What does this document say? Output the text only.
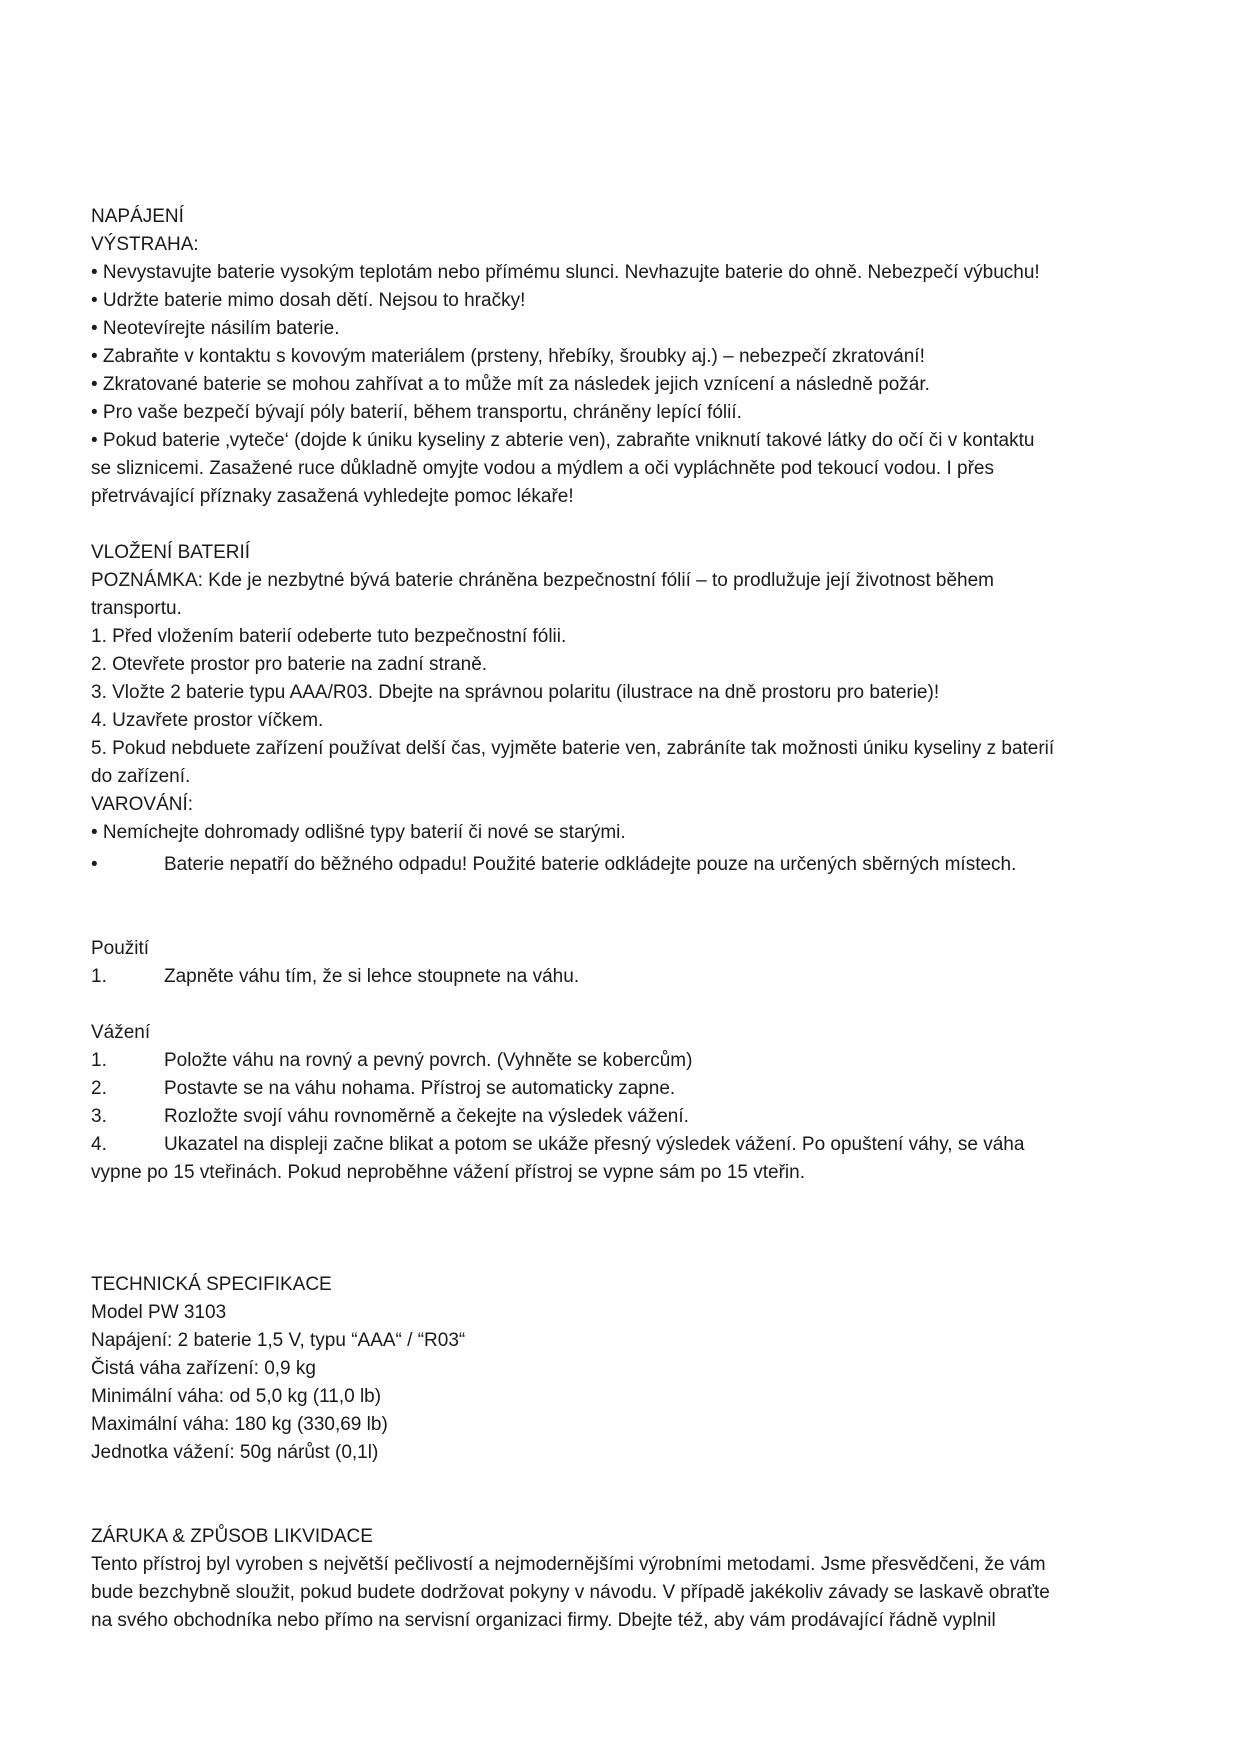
NAPÁJENÍ

VÝSTRAHA:

• Nevystavujte baterie vysokým teplotám nebo přímému slunci. Nevhazujte baterie do ohně. Nebezpečí výbuchu!

• Udržte baterie mimo dosah dětí. Nejsou to hračky!

• Neotevírejte násilím baterie.

• Zabraňte v kontaktu s kovovým materiálem (prsteny, hřebíky, šroubky aj.) – nebezpečí zkratování!

• Zkratované baterie se mohou zahřívat a to může mít za následek jejich vznícení a následně požár.

• Pro vaše bezpečí bývají póly baterií, během transportu, chráněny lepící fólií.

• Pokud baterie ‚vyteče‘ (dojde k úniku kyseliny z abterie ven), zabraňte vniknutí takové látky do očí či v kontaktu

se sliznicemi. Zasažené ruce důkladně omyjte vodou a mýdlem a oči vypláchněte pod tekoucí vodou. I přes

přetrvávající příznaky zasažená vyhledejte pomoc lékaře!

VLOŽENÍ BATERIÍ

POZNÁMKA: Kde je nezbytné bývá baterie chráněna bezpečnostní fólií – to prodlužuje její životnost během

transportu.

1. Před vložením baterií odeberte tuto bezpečnostní fólii.

2. Otevřete prostor pro baterie na zadní straně.

3. Vložte 2 baterie typu AAA/R03. Dbejte na správnou polaritu (ilustrace na dně prostoru pro baterie)!

4. Uzavřete prostor víčkem.

5. Pokud nebduete zařízení používat delší čas, vyjměte baterie ven, zabráníte tak možnosti úniku kyseliny z baterií

do zařízení.

VAROVÁNÍ:

• Nemíchejte dohromady odlišné typy baterií či nové se starými.

•	Baterie nepatří do běžného odpadu! Použité baterie odkládejte pouze na určených sběrných místech.

Použití

1.	Zapněte váhu tím, že si lehce stoupnete na váhu.

Vážení

1.	Položte váhu na rovný a pevný povrch. (Vyhněte se kobercům)
2.	Postavte se na váhu nohama. Přístroj se automaticky zapne.
3.	Rozložte svojí váhu rovnoměrně a čekejte na výsledek vážení.
4.	Ukazatel na displeji začne blikat a potom se ukáže přesný výsledek vážení. Po opuštení váhy, se váha

vypne po 15 vteřinách. Pokud neproběhne vážení přístroj se vypne sám po 15 vteřin.

TECHNICKÁ SPECIFIKACE

Model PW 3103

Napájení: 2 baterie 1,5 V, typu “AAA“ / “R03“

Čistá váha zařízení: 0,9 kg

Minimální váha: od 5,0 kg (11,0 lb)

Maximální váha: 180 kg (330,69 lb)

Jednotka vážení: 50g nárůst (0,1l)

ZÁRUKA & ZPŮSOB LIKVIDACE

Tento přístroj byl vyroben s největší pečlivostí a nejmodernějšími výrobními metodami. Jsme přesvědčeni, že vám

bude bezchybně sloužit, pokud budete dodržovat pokyny v návodu. V případě jakékoliv závady se laskavě obraťte

na svého obchodníka nebo přímo na servisní organizaci firmy. Dbejte též, aby vám prodávající řádně vyplnil
